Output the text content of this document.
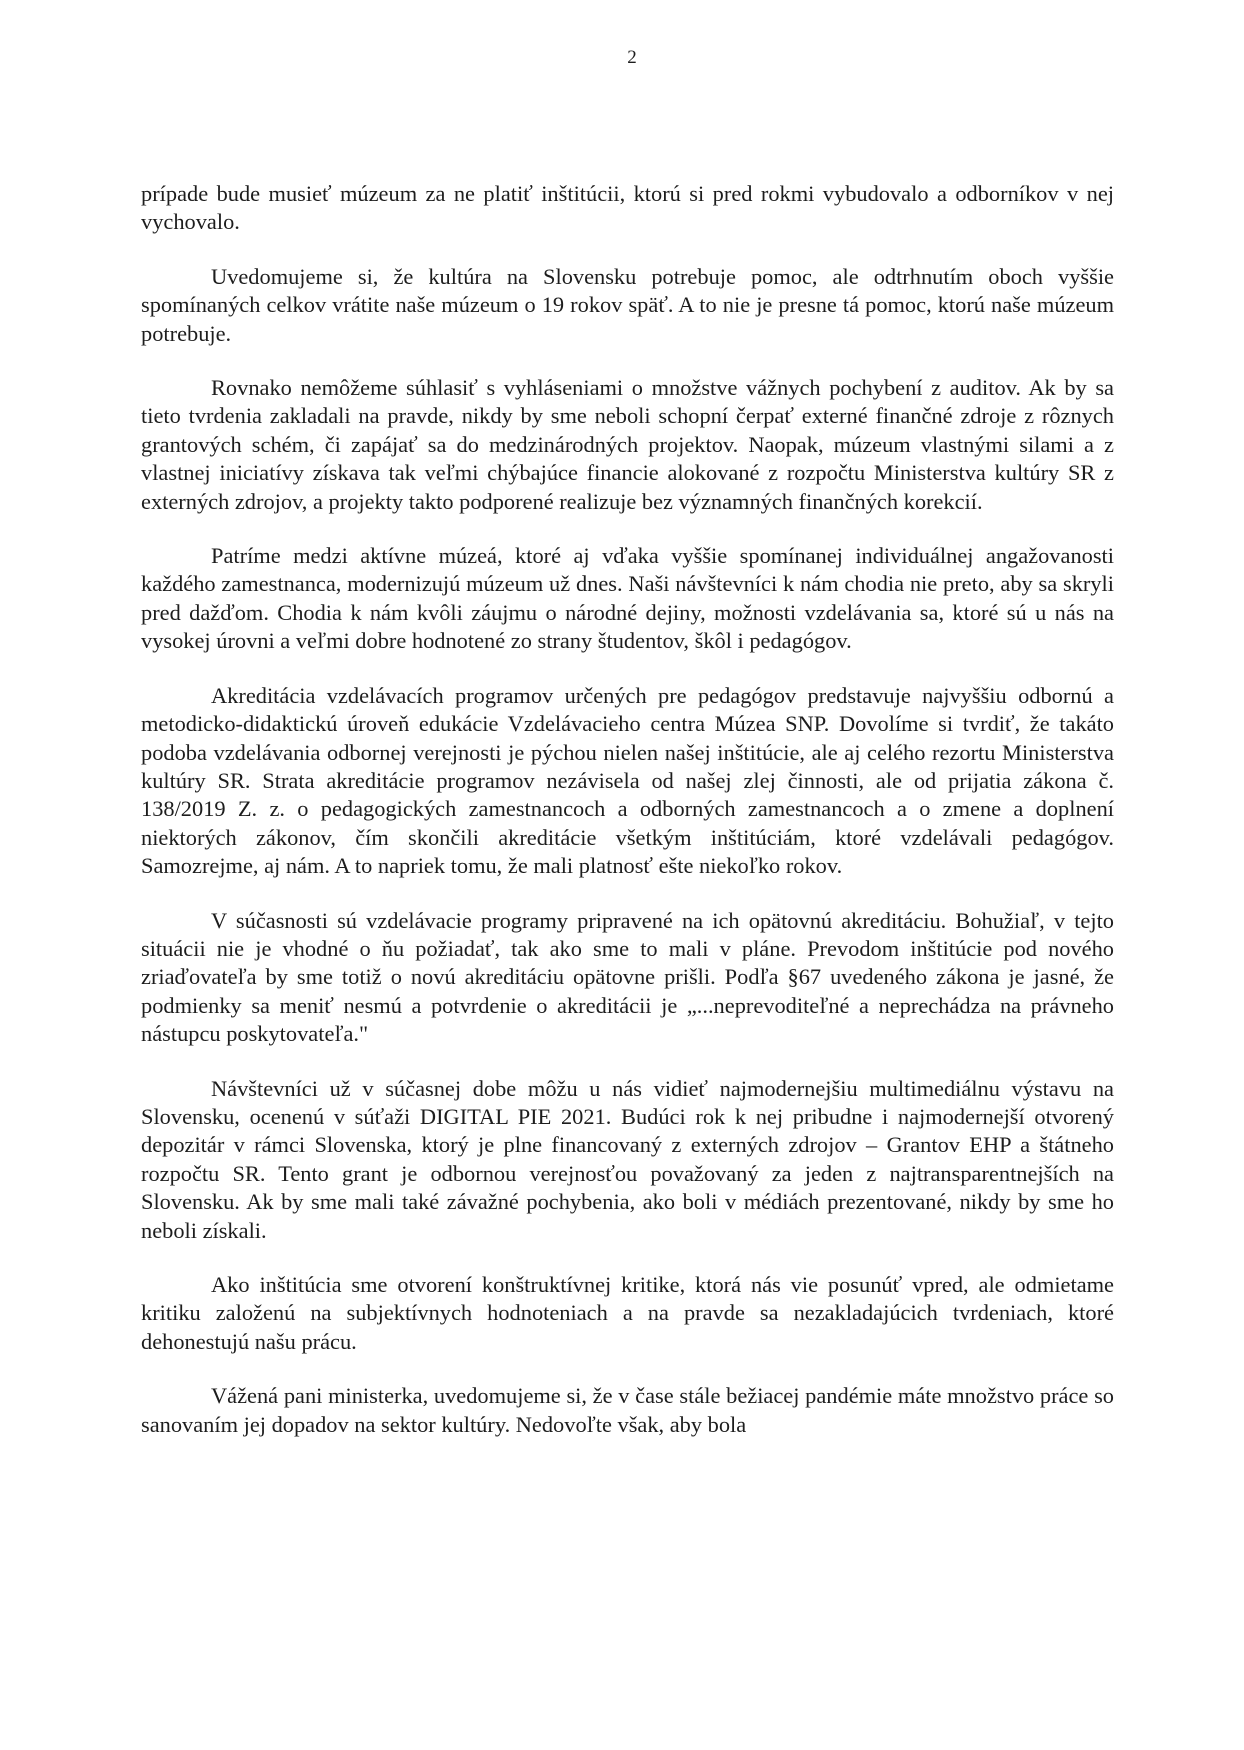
2

prípade bude musieť múzeum za ne platiť inštitúcii, ktorú si pred rokmi vybudovalo a odborníkov v nej vychovalo.

Uvedomujeme si, že kultúra na Slovensku potrebuje pomoc, ale odtrhnutím oboch vyššie spomínaných celkov vrátite naše múzeum o 19 rokov späť. A to nie je presne tá pomoc, ktorú naše múzeum potrebuje.

Rovnako nemôžeme súhlasiť s vyhláseniami o množstve vážnych pochybení z auditov. Ak by sa tieto tvrdenia zakladali na pravde, nikdy by sme neboli schopní čerpať externé finančné zdroje z rôznych grantových schém, či zapájať sa do medzinárodných projektov. Naopak, múzeum vlastnými silami a z vlastnej iniciatívy získava tak veľmi chýbajúce financie alokované z rozpočtu Ministerstva kultúry SR z externých zdrojov, a projekty takto podporené realizuje bez významných finančných korekcií.

Patríme medzi aktívne múzeá, ktoré aj vďaka vyššie spomínanej individuálnej angažovanosti každého zamestnanca, modernizujú múzeum už dnes. Naši návštevníci k nám chodia nie preto, aby sa skryli pred dažďom. Chodia k nám kvôli záujmu o národné dejiny, možnosti vzdelávania sa, ktoré sú u nás na vysokej úrovni a veľmi dobre hodnotené zo strany študentov, škôl i pedagógov.

Akreditácia vzdelávacích programov určených pre pedagógov predstavuje najvyššiu odbornú a metodicko-didaktickú úroveň edukácie Vzdelávacieho centra Múzea SNP. Dovolíme si tvrdiť, že takáto podoba vzdelávania odbornej verejnosti je pýchou nielen našej inštitúcie, ale aj celého rezortu Ministerstva kultúry SR. Strata akreditácie programov nezávisela od našej zlej činnosti, ale od prijatia zákona č. 138/2019 Z. z. o pedagogických zamestnancoch a odborných zamestnancoch a o zmene a doplnení niektorých zákonov, čím skončili akreditácie všetkým inštitúciám, ktoré vzdelávali pedagógov. Samozrejme, aj nám. A to napriek tomu, že mali platnosť ešte niekoľko rokov.

V súčasnosti sú vzdelávacie programy pripravené na ich opätovnú akreditáciu. Bohužiaľ, v tejto situácii nie je vhodné o ňu požiadať, tak ako sme to mali v pláne. Prevodom inštitúcie pod nového zriaďovateľa by sme totiž o novú akreditáciu opätovne prišli. Podľa §67 uvedeného zákona je jasné, že podmienky sa meniť nesmú a potvrdenie o akreditácii je „...neprevoditeľné a neprechádza na právneho nástupcu poskytovateľa."

Návštevníci už v súčasnej dobe môžu u nás vidieť najmodernejšiu multimediálnu výstavu na Slovensku, ocenenú v súťaži DIGITAL PIE 2021. Budúci rok k nej pribudne i najmodernejší otvorený depozitár v rámci Slovenska, ktorý je plne financovaný z externých zdrojov – Grantov EHP a štátneho rozpočtu SR. Tento grant je odbornou verejnosťou považovaný za jeden z najtransparentnejších na Slovensku. Ak by sme mali také závažné pochybenia, ako boli v médiách prezentované, nikdy by sme ho neboli získali.

Ako inštitúcia sme otvorení konštruktívnej kritike, ktorá nás vie posunúť vpred, ale odmietame kritiku založenú na subjektívnych hodnoteniach a na pravde sa nezakladajúcich tvrdeniach, ktoré dehonestujú našu prácu.

Vážená pani ministerka, uvedomujeme si, že v čase stále bežiacej pandémie máte množstvo práce so sanovaním jej dopadov na sektor kultúry. Nedovoľte však, aby bola
